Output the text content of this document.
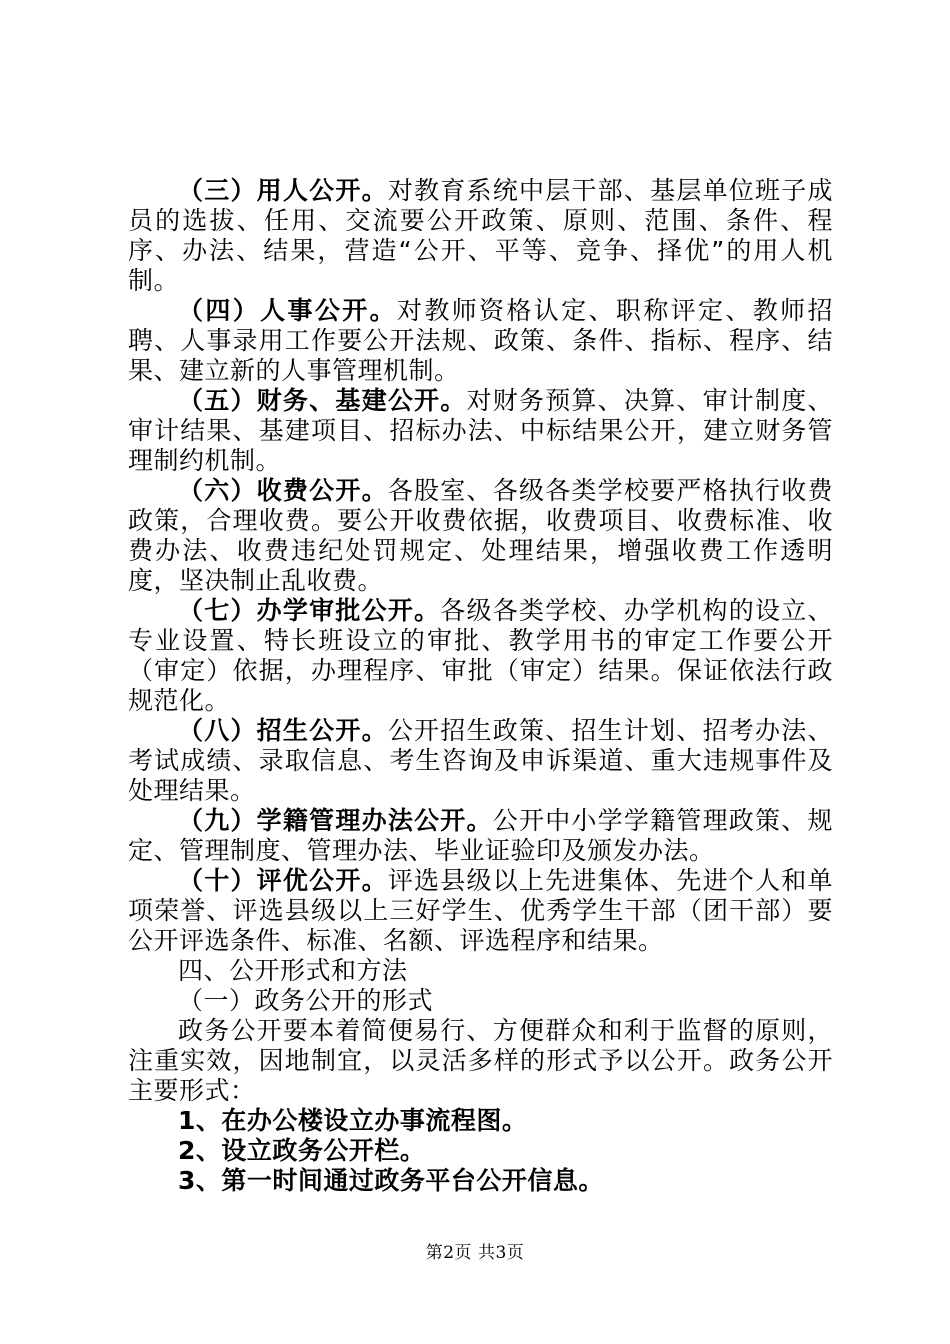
（三）用人公开。对教育系统中层干部、基层单位班子成员的选拔、任用、交流要公开政策、原则、范围、条件、程序、办法、结果，营造“公开、平等、竞争、择优”的用人机制。

（四）人事公开。对教师资格认定、职称评定、教师招聘、人事录用工作要公开法规、政策、条件、指标、程序、结果、建立新的人事管理机制。

（五）财务、基建公开。对财务预算、决算、审计制度、审计结果、基建项目、招标办法、中标结果公开，建立财务管理制约机制。

（六）收费公开。各股室、各级各类学校要严格执行收费政策，合理收费。要公开收费依据，收费项目、收费标准、收费办法、收费违纪处罚规定、处理结果，增强收费工作透明度，坚决制止乱收费。

（七）办学审批公开。各级各类学校、办学机构的设立、专业设置、特长班设立的审批、教学用书的审定工作要公开（审定）依据，办理程序、审批（审定）结果。保证依法行政规范化。

（八）招生公开。公开招生政策、招生计划、招考办法、考试成绩、录取信息、考生咨询及申诉渠道、重大违规事件及处理结果。

（九）学籍管理办法公开。公开中小学学籍管理政策、规定、管理制度、管理办法、毕业证验印及颁发办法。

（十）评优公开。评选县级以上先进集体、先进个人和单项荣誉、评选县级以上三好学生、优秀学生干部（团干部）要公开评选条件、标准、名额、评选程序和结果。

四、公开形式和方法

（一）政务公开的形式

政务公开要本着简便易行、方便群众和利于监督的原则，注重实效，因地制宜，以灵活多样的形式予以公开。政务公开主要形式：

1、在办公楼设立办事流程图。

2、设立政务公开栏。

3、第一时间通过政务平台公开信息。

第2页 共3页
